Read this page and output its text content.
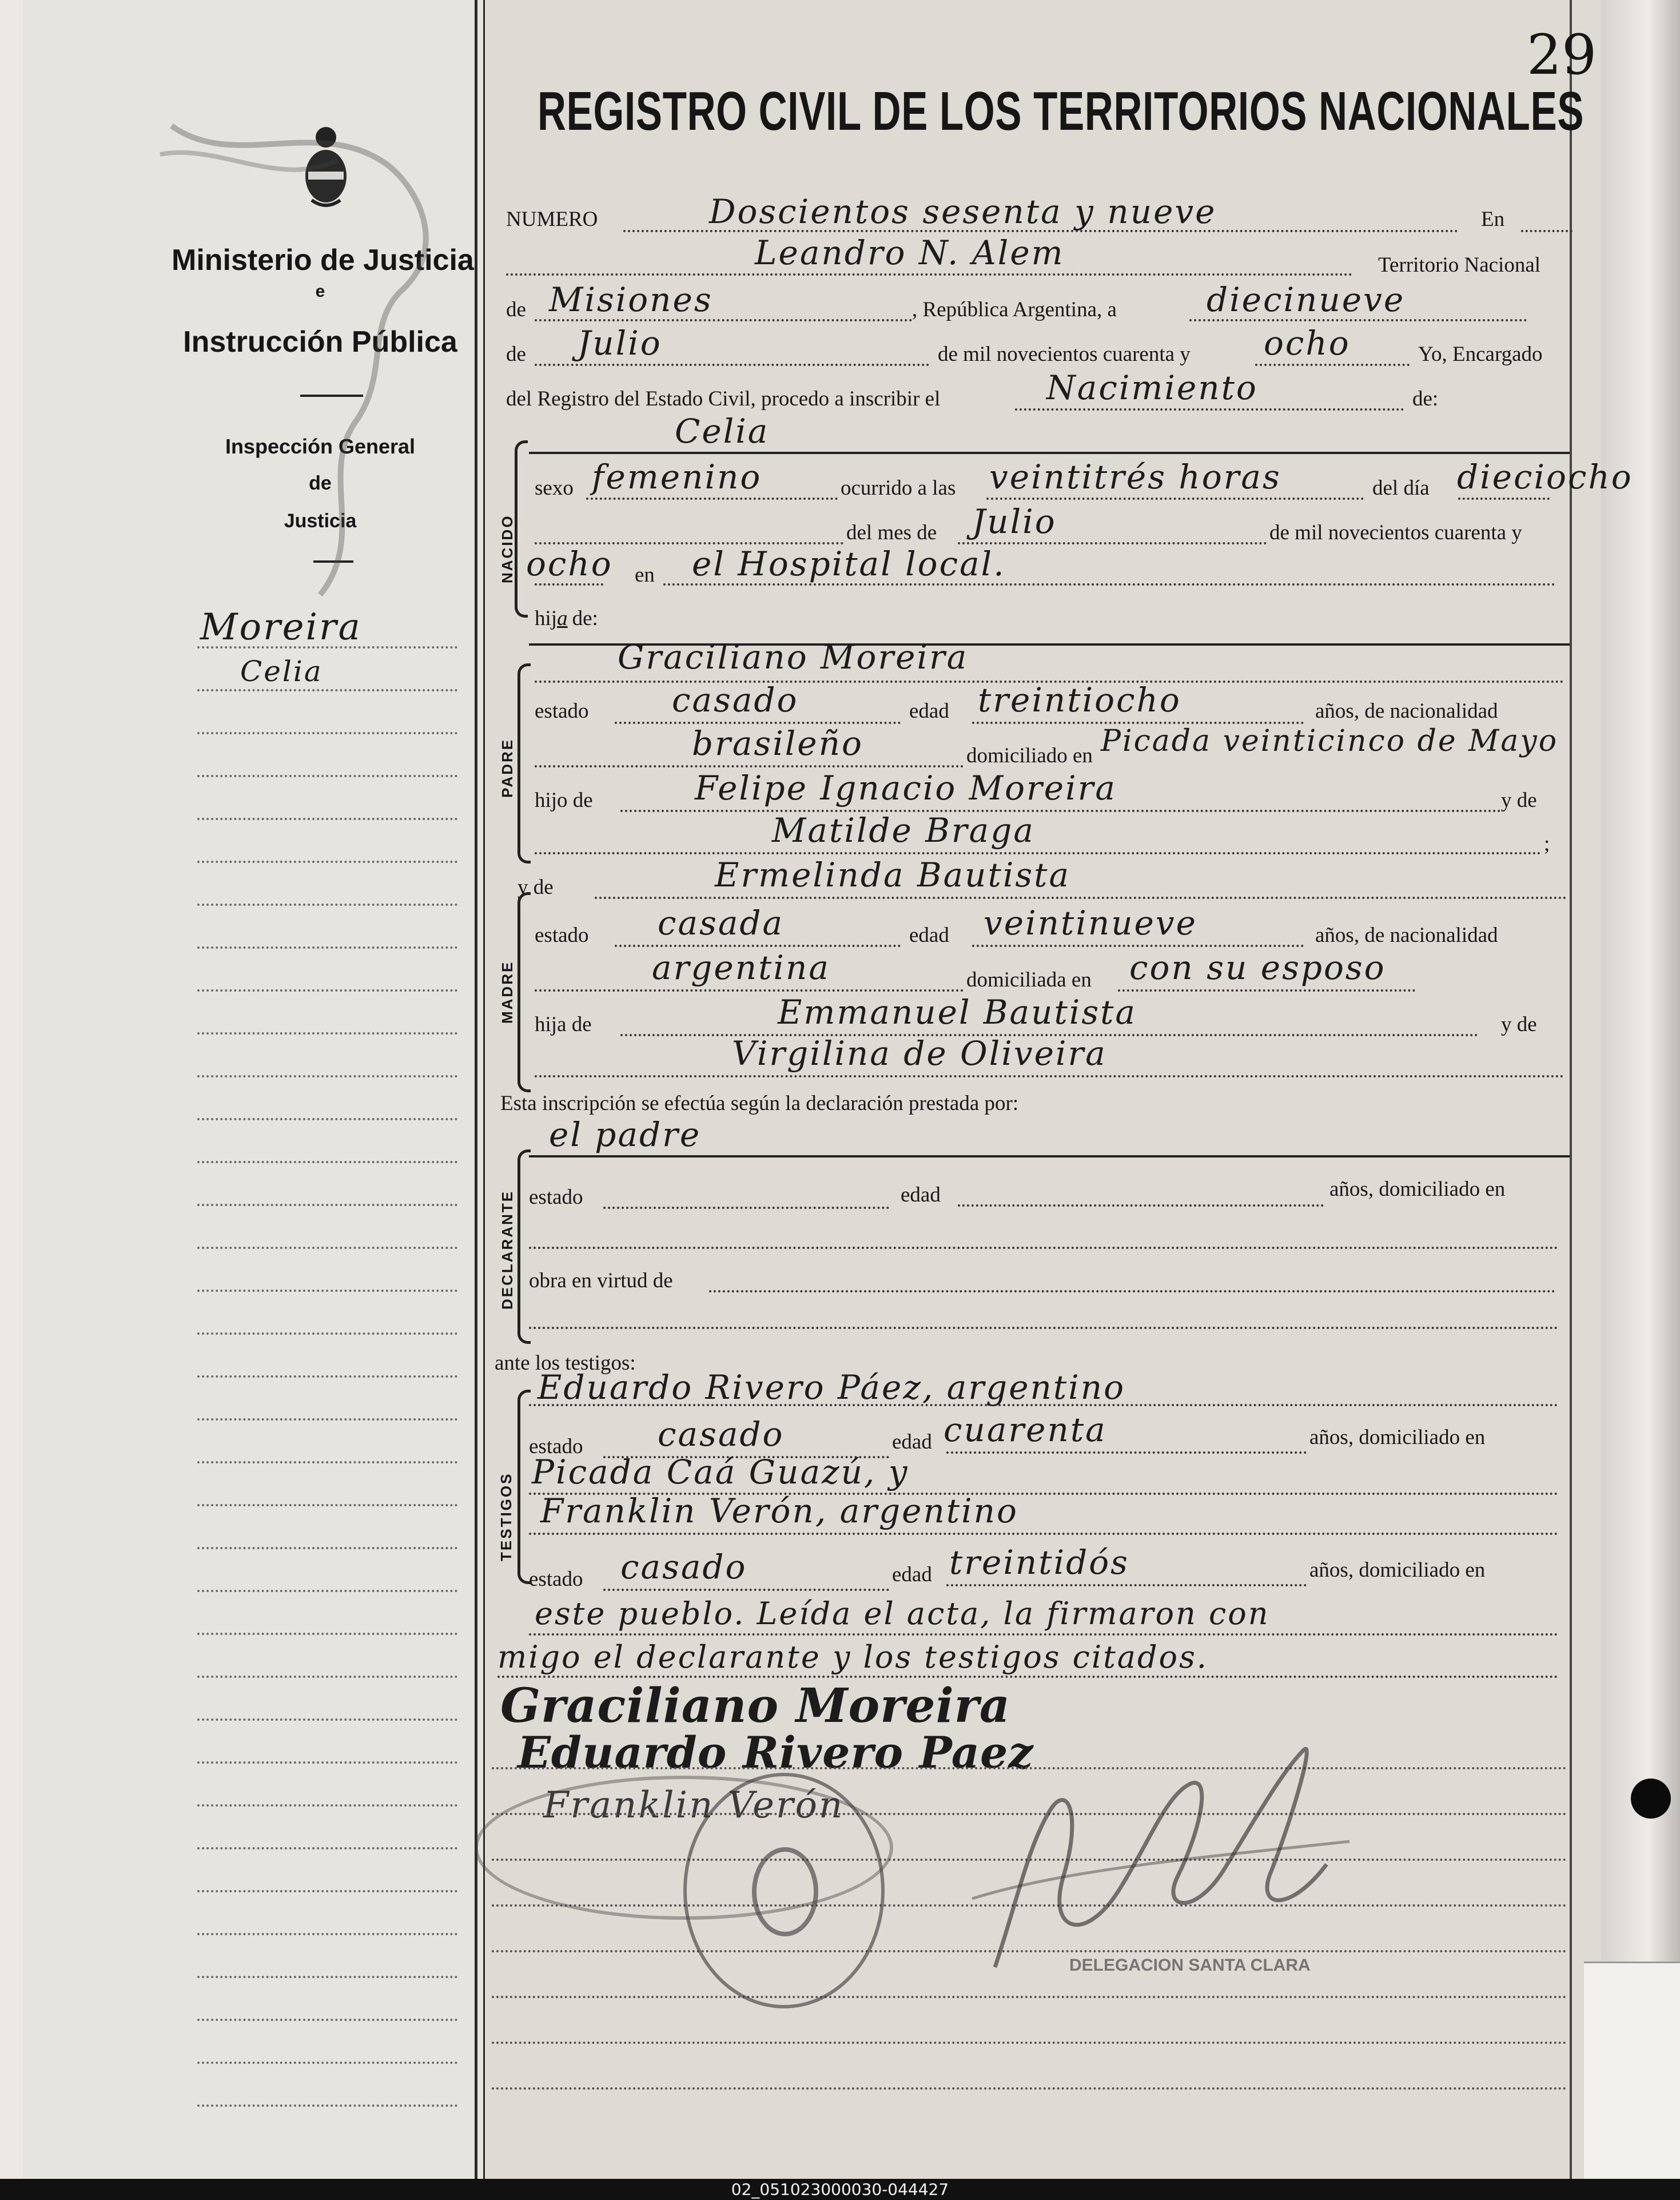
Ministerio de Justicia
e
Instrucción Pública
Inspección General
de
Justicia
Moreira
Celia
29
REGISTRO CIVIL DE LOS TERRITORIOS NACIONALES
NUMERO	Doscientos sesenta y nueve	En
Leandro N. Alem	Territorio Nacional
de Misiones	, República Argentina, a	diecinueve
de Julio	de mil novecientos cuarenta y ocho	Yo, Encargado
del Registro del Estado Civil, procedo a inscribir el	Nacimiento	de:
Celia
NACIDO
sexo femenino	ocurrido a las veintitrés horas	del día dieciocho
del mes de Julio	de mil novecientos cuarenta y
ocho en el Hospital local.
hija de:
Graciliano Moreira
PADRE
estado	casado	edad treintiocho	años, de nacionalidad
brasileño	domiciliado en Picada veinticinco de Mayo
hijo de	Felipe Ignacio Moreira	y de
Matilde Braga	;
y de	Ermelinda Bautista
MADRE
estado casada	edad veintinueve	años, de nacionalidad
argentina	domiciliada en con su esposo
hija de	Emmanuel Bautista	y de
Virgilina de Oliveira
Esta inscripción se efectúa según la declaración prestada por:
el padre
DECLARANTE estado	edad	años, domiciliado en
obra en virtud de
ante los testigos:
Eduardo Rivero Páez, argentino
TESTIGOS
estado casado	edad cuarenta	años, domiciliado en
Picada Caá Guazú, y
Franklin Verón, argentino
estado casado	edad treintidós	años, domiciliado en
este pueblo. Leída el acta, la firmaron con
migo el declarante y los testigos citados.
Graciliano Moreira
Eduardo Rivero Paez
Franklin Verón
DELEGACION SANTA CLARA
02_051023000030-044427
